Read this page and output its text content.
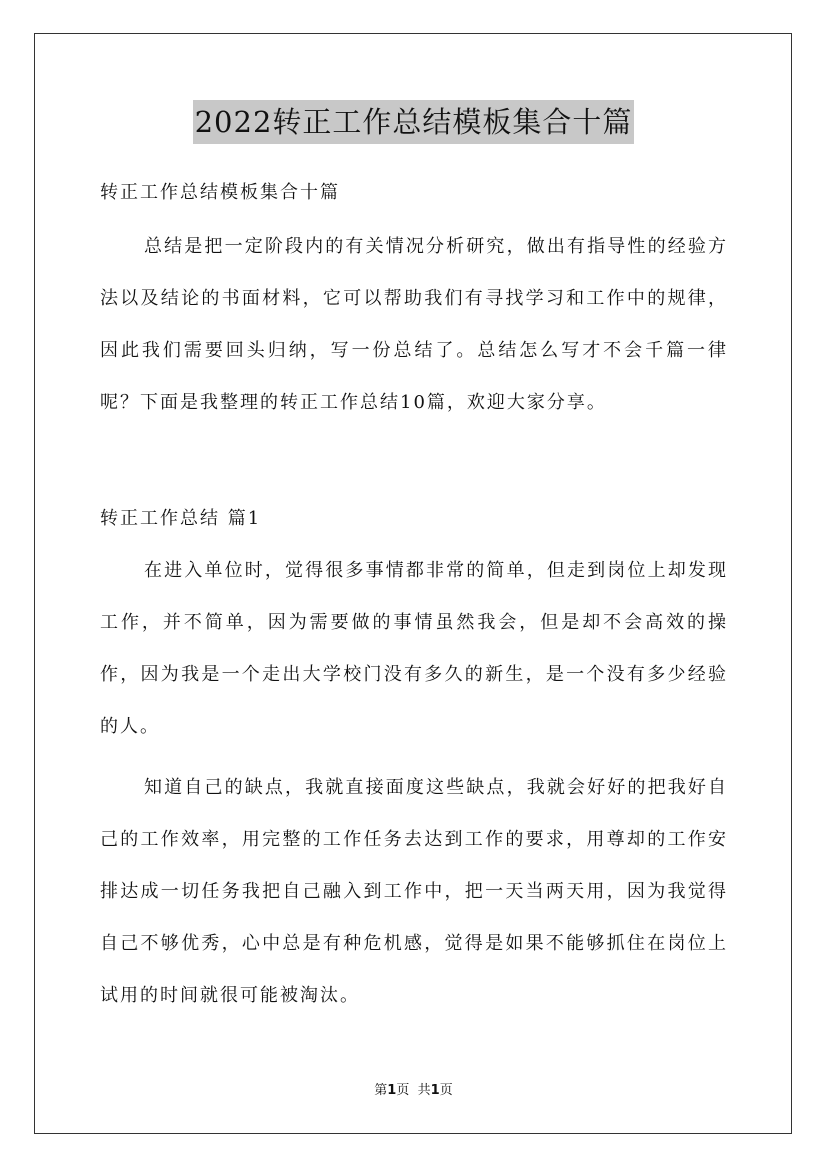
2022转正工作总结模板集合十篇

转正工作总结模板集合十篇

总结是把一定阶段内的有关情况分析研究，做出有指导性的经验方法以及结论的书面材料，它可以帮助我们有寻找学习和工作中的规律，因此我们需要回头归纳，写一份总结了。总结怎么写才不会千篇一律呢？下面是我整理的转正工作总结10篇，欢迎大家分享。

转正工作总结 篇1

在进入单位时，觉得很多事情都非常的简单，但走到岗位上却发现工作，并不简单，因为需要做的事情虽然我会，但是却不会高效的操作，因为我是一个走出大学校门没有多久的新生，是一个没有多少经验的人。

知道自己的缺点，我就直接面度这些缺点，我就会好好的把我好自己的工作效率，用完整的工作任务去达到工作的要求，用尊却的工作安排达成一切任务我把自己融入到工作中，把一天当两天用，因为我觉得自己不够优秀，心中总是有种危机感，觉得是如果不能够抓住在岗位上试用的时间就很可能被淘汰。

第1页 共1页
